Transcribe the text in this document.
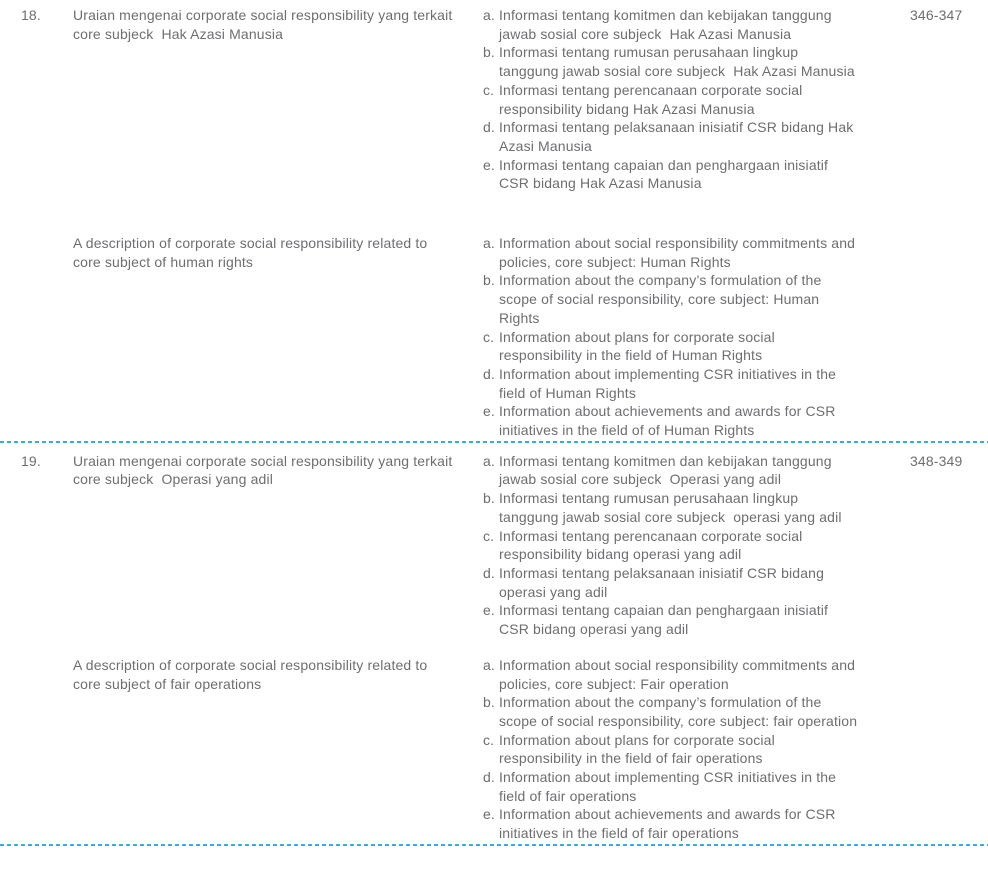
18.	Uraian mengenai corporate social responsibility yang terkait core subjeck  Hak Azasi Manusia
a. Informasi tentang komitmen dan kebijakan tanggung jawab sosial core subjeck  Hak Azasi Manusia
b. Informasi tentang rumusan perusahaan lingkup tanggung jawab sosial core subjeck  Hak Azasi Manusia
c. Informasi tentang perencanaan corporate social responsibility bidang Hak Azasi Manusia
d. Informasi tentang pelaksanaan inisiatif CSR bidang Hak Azasi Manusia
e. Informasi tentang capaian dan penghargaan inisiatif CSR bidang Hak Azasi Manusia
346-347
A description of corporate social responsibility related to core subject of human rights
a. Information about social responsibility commitments and policies, core subject: Human Rights
b. Information about the company’s formulation of the scope of social responsibility, core subject: Human Rights
c. Information about plans for corporate social responsibility in the field of Human Rights
d. Information about implementing CSR initiatives in the field of Human Rights
e. Information about achievements and awards for CSR initiatives in the field of of Human Rights
19.	Uraian mengenai corporate social responsibility yang terkait core subjeck  Operasi yang adil
a. Informasi tentang komitmen dan kebijakan tanggung jawab sosial core subjeck  Operasi yang adil
b. Informasi tentang rumusan perusahaan lingkup tanggung jawab sosial core subjeck  operasi yang adil
c. Informasi tentang perencanaan corporate social responsibility bidang operasi yang adil
d. Informasi tentang pelaksanaan inisiatif CSR bidang operasi yang adil
e. Informasi tentang capaian dan penghargaan inisiatif CSR bidang operasi yang adil
348-349
A description of corporate social responsibility related to core subject of fair operations
a. Information about social responsibility commitments and policies, core subject: Fair operation
b. Information about the company’s formulation of the scope of social responsibility, core subject: fair operation
c. Information about plans for corporate social responsibility in the field of fair operations
d. Information about implementing CSR initiatives in the field of fair operations
e. Information about achievements and awards for CSR initiatives in the field of fair operations
